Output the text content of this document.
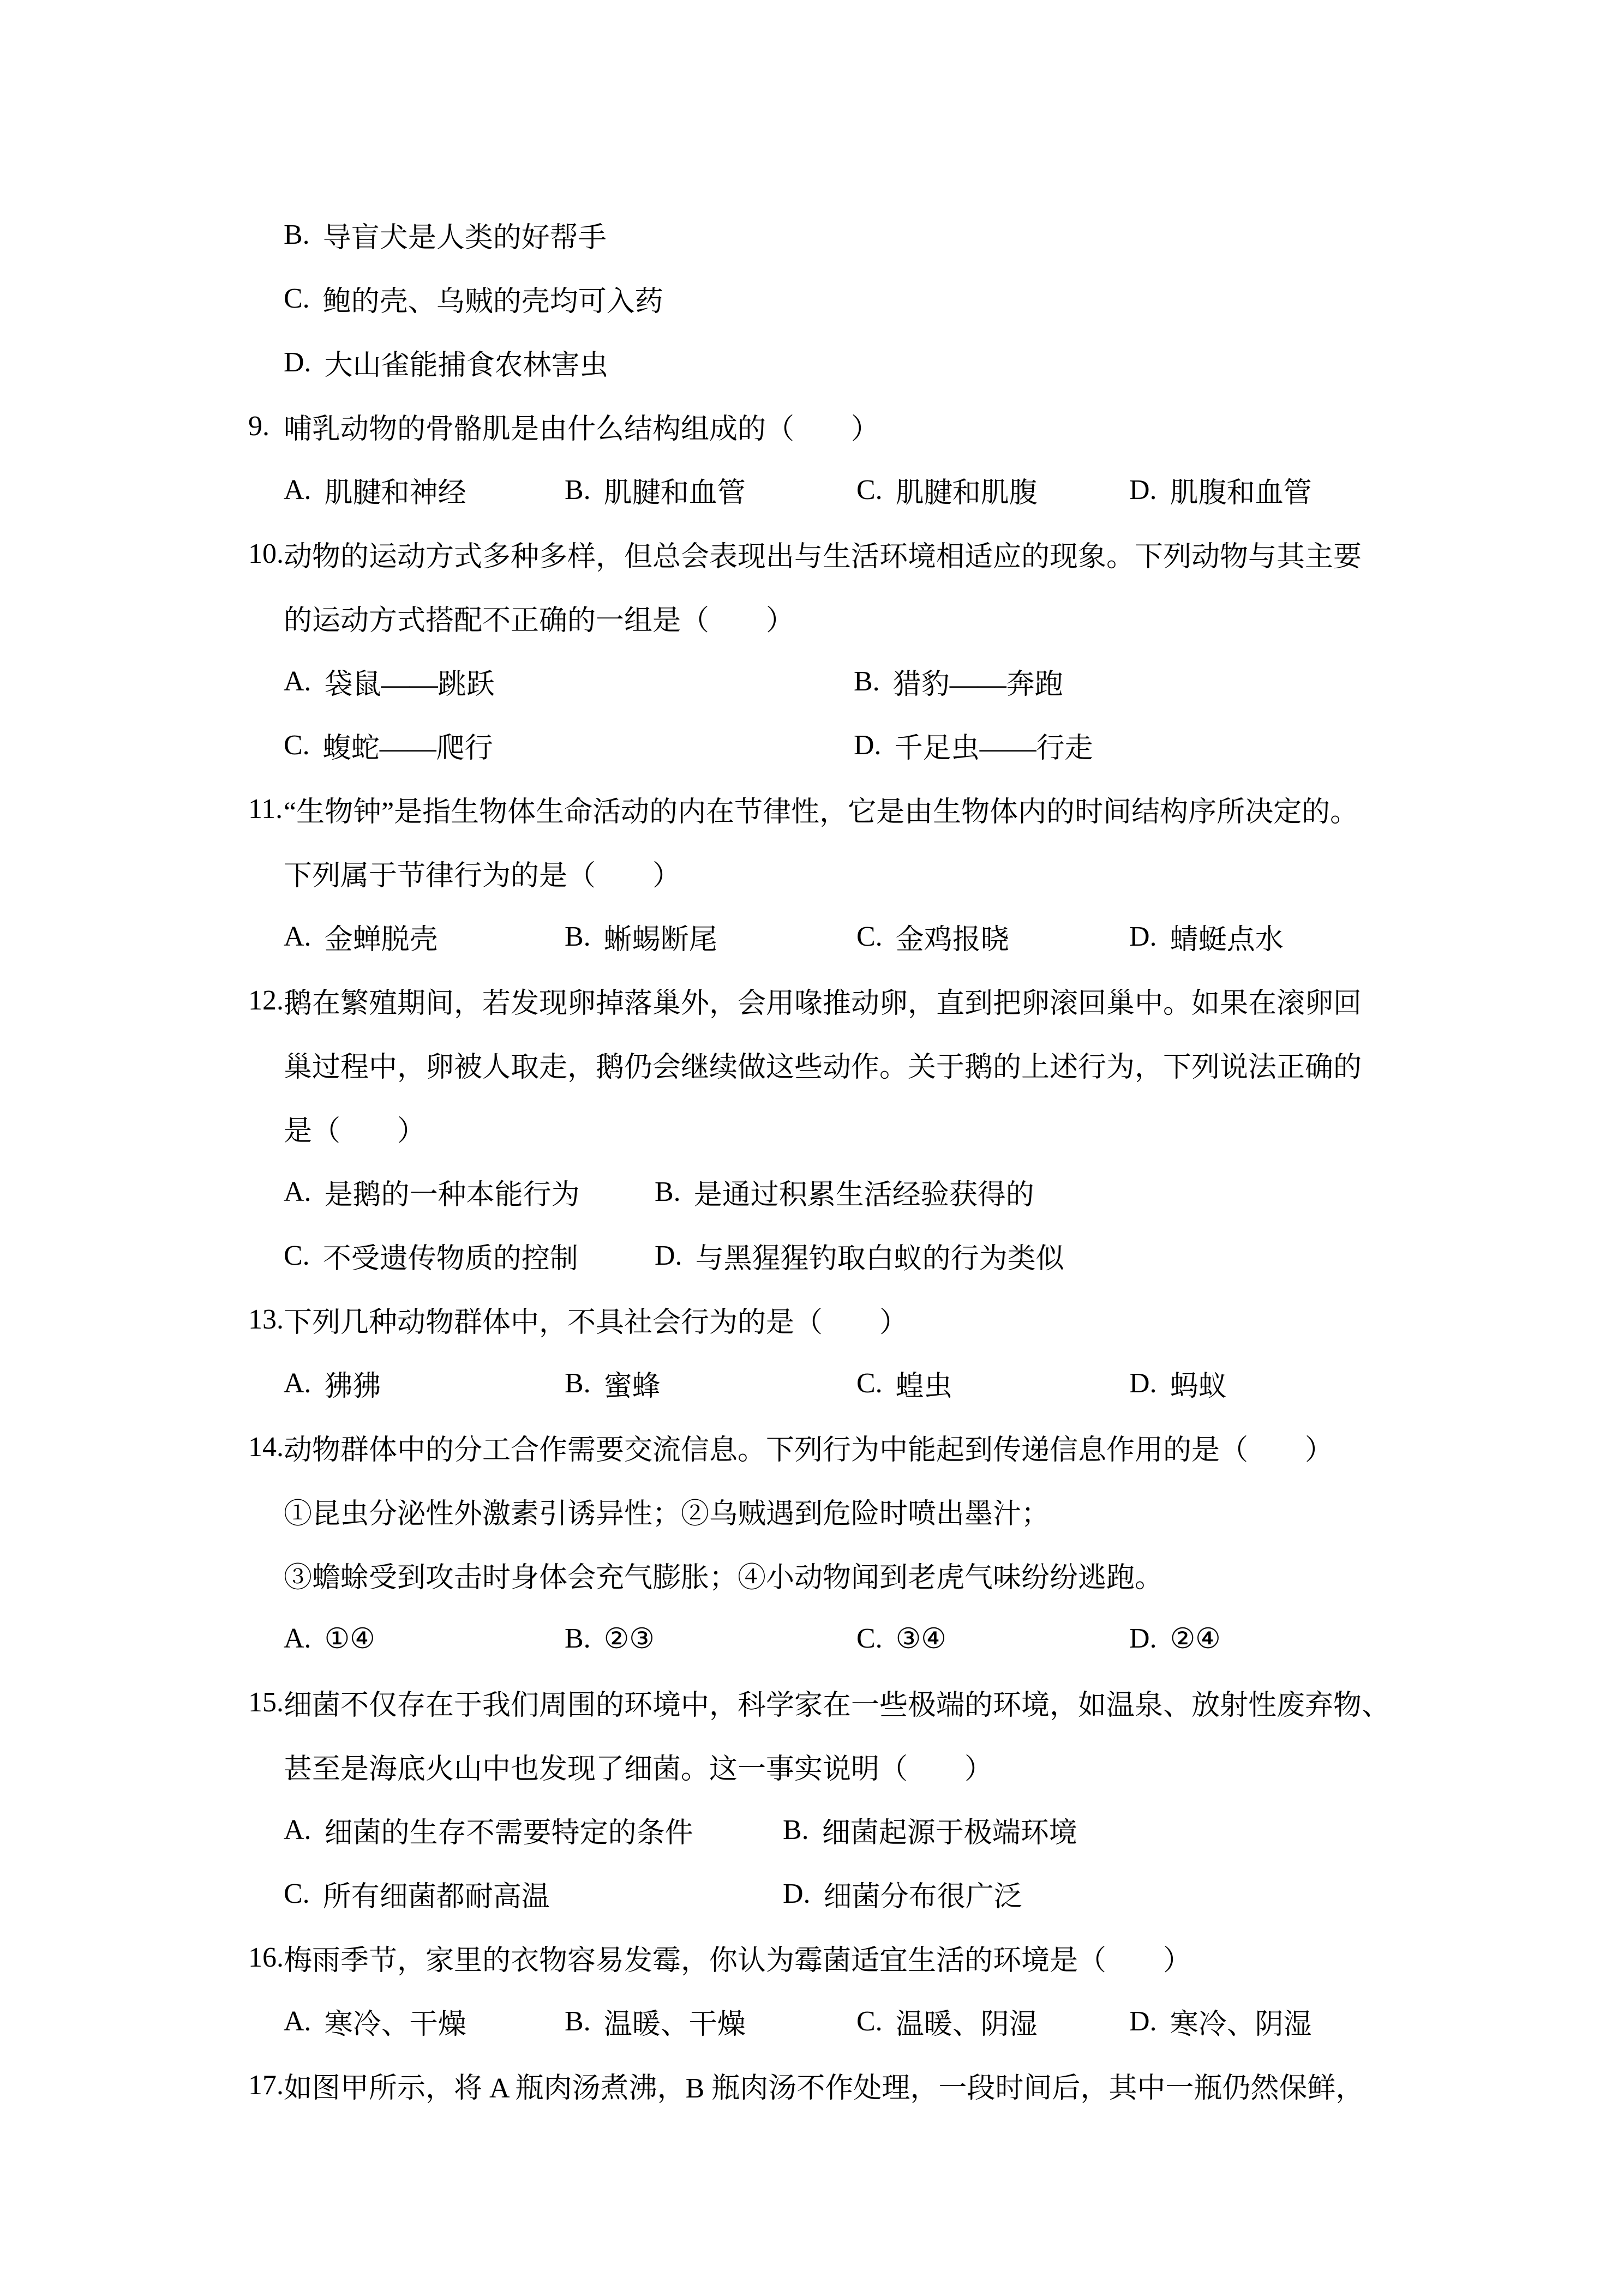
B. 导盲犬是人类的好帮手
C. 鲍的壳、乌贼的壳均可入药
D. 大山雀能捕食农林害虫
9. 哺乳动物的骨骼肌是由什么结构组成的（　　）
A. 肌腱和神经	B. 肌腱和血管	C. 肌腱和肌腹	D. 肌腹和血管
10. 动物的运动方式多种多样，但总会表现出与生活环境相适应的现象。下列动物与其主要
的运动方式搭配不正确的一组是（　　）
A. 袋鼠——跳跃	B. 猎豹——奔跑
C. 蝮蛇——爬行	D. 千足虫——行走
11. “生物钟”是指生物体生命活动的内在节律性，它是由生物体内的时间结构序所决定的。
下列属于节律行为的是（　　）
A. 金蝉脱壳	B. 蜥蜴断尾	C. 金鸡报晓	D. 蜻蜓点水
12. 鹅在繁殖期间，若发现卵掉落巢外，会用喙推动卵，直到把卵滚回巢中。如果在滚卵回
巢过程中，卵被人取走，鹅仍会继续做这些动作。关于鹅的上述行为，下列说法正确的
是（　　）
A. 是鹅的一种本能行为	B. 是通过积累生活经验获得的
C. 不受遗传物质的控制	D. 与黑猩猩钓取白蚁的行为类似
13. 下列几种动物群体中，不具社会行为的是（　　）
A. 狒狒	B. 蜜蜂	C. 蝗虫	D. 蚂蚁
14. 动物群体中的分工合作需要交流信息。下列行为中能起到传递信息作用的是（　　）
①昆虫分泌性外激素引诱异性；②乌贼遇到危险时喷出墨汁；
③蟾蜍受到攻击时身体会充气膨胀；④小动物闻到老虎气味纷纷逃跑。
A. ①④	B. ②③	C. ③④	D. ②④
15. 细菌不仅存在于我们周围的环境中，科学家在一些极端的环境，如温泉、放射性废弃物、
甚至是海底火山中也发现了细菌。这一事实说明（　　）
A. 细菌的生存不需要特定的条件	B. 细菌起源于极端环境
C. 所有细菌都耐高温	D. 细菌分布很广泛
16. 梅雨季节，家里的衣物容易发霉，你认为霉菌适宜生活的环境是（　　）
A. 寒冷、干燥	B. 温暖、干燥	C. 温暖、阴湿	D. 寒冷、阴湿
17. 如图甲所示，将 A 瓶肉汤煮沸，B 瓶肉汤不作处理，一段时间后，其中一瓶仍然保鲜，
